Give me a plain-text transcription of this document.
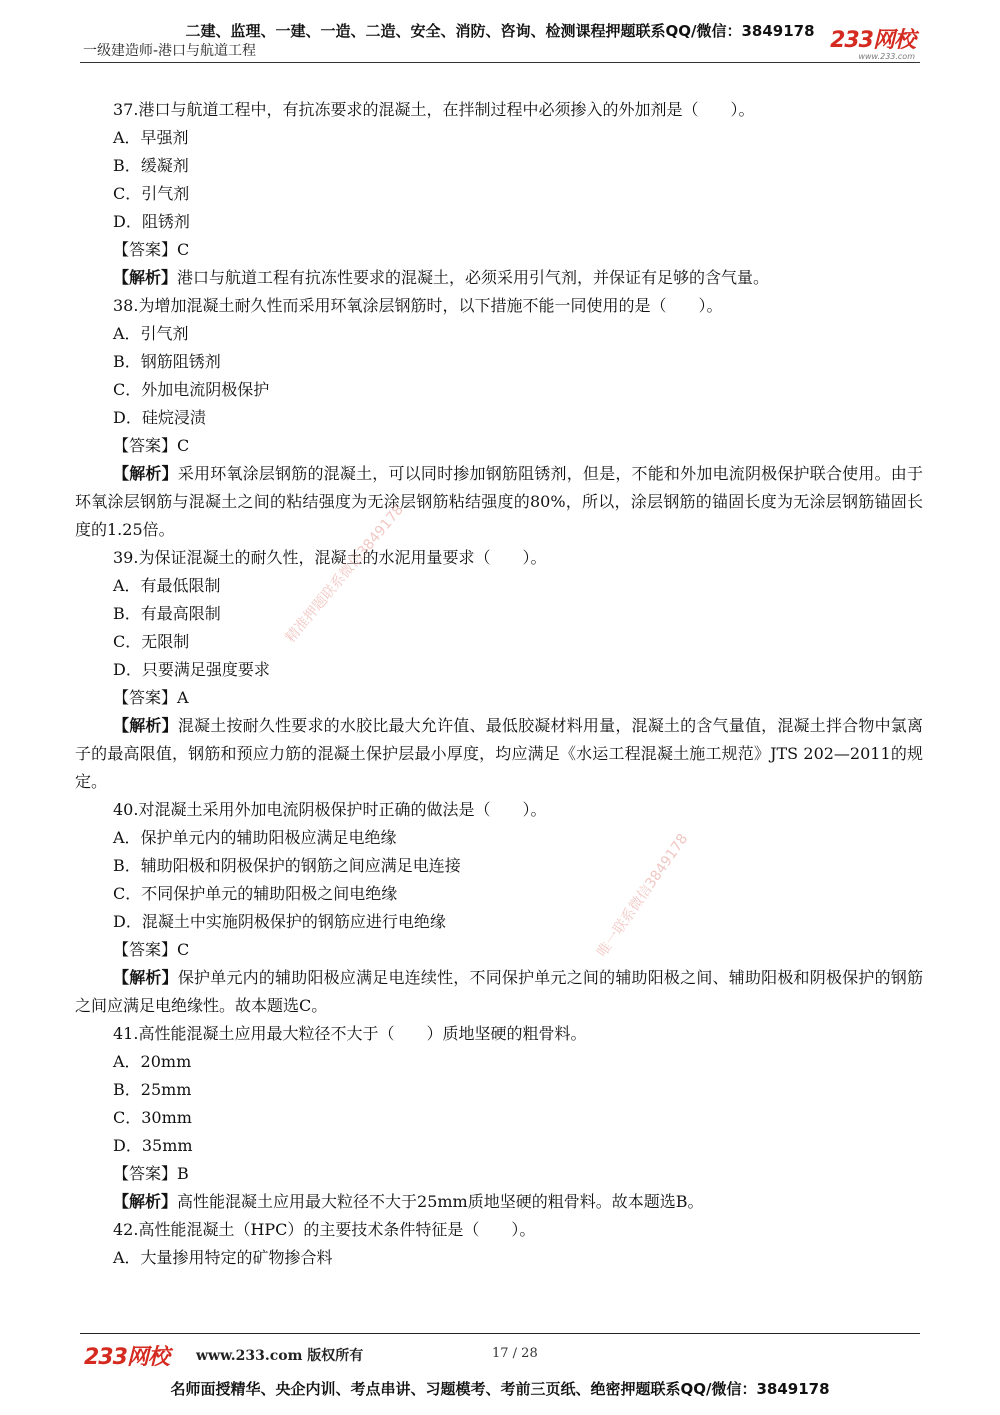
二建、监理、一建、一造、二造、安全、消防、咨询、检测课程押题联系QQ/微信：3849178
一级建造师-港口与航道工程	233网校
www.233.com
37.港口与航道工程中，有抗冻要求的混凝土，在拌制过程中必须掺入的外加剂是（　　）。
A．早强剂
B．缓凝剂
C．引气剂
D．阻锈剂
【答案】C
【解析】港口与航道工程有抗冻性要求的混凝土，必须采用引气剂，并保证有足够的含气量。
38.为增加混凝土耐久性而采用环氧涂层钢筋时，以下措施不能一同使用的是（　　）。
A．引气剂
B．钢筋阻锈剂
C．外加电流阴极保护
D．硅烷浸渍
【答案】C
【解析】采用环氧涂层钢筋的混凝土，可以同时掺加钢筋阻锈剂，但是，不能和外加电流阴极保护联合使用。由于环氧涂层钢筋与混凝土之间的粘结强度为无涂层钢筋粘结强度的80%，所以，涂层钢筋的锚固长度为无涂层钢筋锚固长度的1.25倍。
39.为保证混凝土的耐久性，混凝土的水泥用量要求（　　）。
A．有最低限制
B．有最高限制
C．无限制
D．只要满足强度要求
【答案】A
【解析】混凝土按耐久性要求的水胶比最大允许值、最低胶凝材料用量，混凝土的含气量值，混凝土拌合物中氯离子的最高限值，钢筋和预应力筋的混凝土保护层最小厚度，均应满足《水运工程混凝土施工规范》JTS 202—2011的规定。
40.对混凝土采用外加电流阴极保护时正确的做法是（　　）。
A．保护单元内的辅助阳极应满足电绝缘
B．辅助阳极和阴极保护的钢筋之间应满足电连接
C．不同保护单元的辅助阳极之间电绝缘
D．混凝土中实施阴极保护的钢筋应进行电绝缘
【答案】C
【解析】保护单元内的辅助阳极应满足电连续性，不同保护单元之间的辅助阳极之间、辅助阳极和阴极保护的钢筋之间应满足电绝缘性。故本题选C。
41.高性能混凝土应用最大粒径不大于（　　）质地坚硬的粗骨料。
A．20mm
B．25mm
C．30mm
D．35mm
【答案】B
【解析】高性能混凝土应用最大粒径不大于25mm质地坚硬的粗骨料。故本题选B。
42.高性能混凝土（HPC）的主要技术条件特征是（　　）。
A．大量掺用特定的矿物掺合料
精准押题联系微信3849178
唯一联系微信3849178
233网校 www.233.com 版权所有	17 / 28
名师面授精华、央企内训、考点串讲、习题模考、考前三页纸、绝密押题联系QQ/微信：3849178
